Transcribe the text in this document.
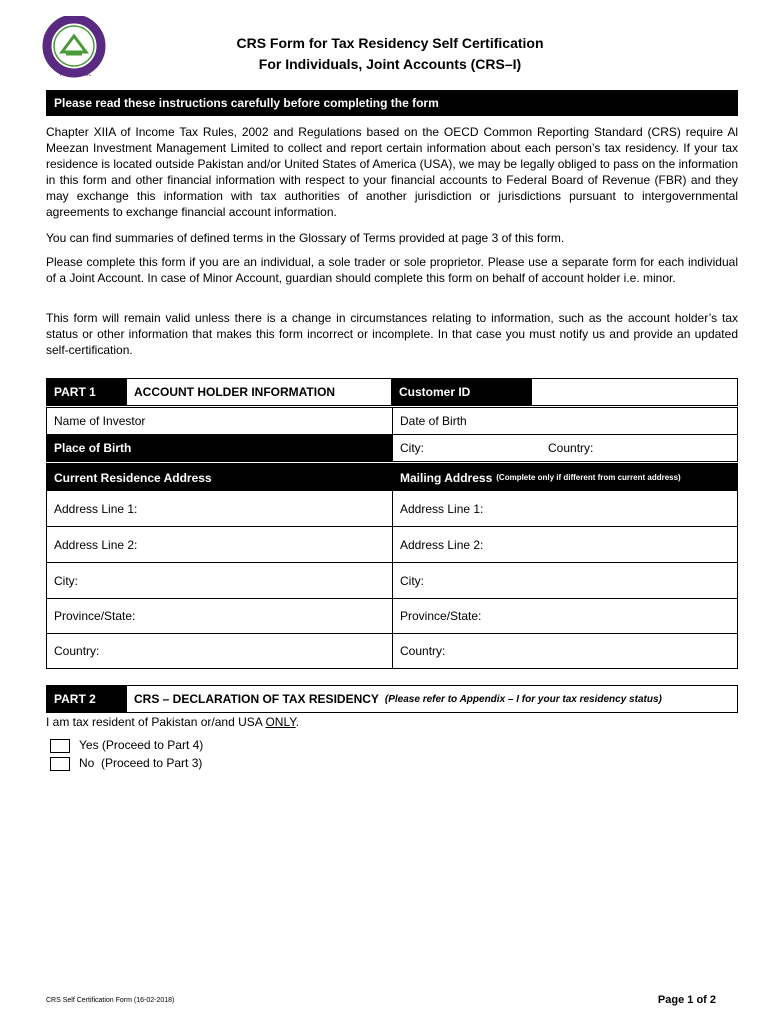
Pure. Profit.
CRS Form for Tax Residency Self Certification
For Individuals, Joint Accounts (CRS–I)
Please read these instructions carefully before completing the form
Chapter XIIA of Income Tax Rules, 2002 and Regulations based on the OECD Common Reporting Standard (CRS) require Al Meezan Investment Management Limited to collect and report certain information about each person’s tax residency. If your tax residence is located outside Pakistan and/or United States of America (USA), we may be legally obliged to pass on the information in this form and other financial information with respect to your financial accounts to Federal Board of Revenue (FBR) and they may exchange this information with tax authorities of another jurisdiction or jurisdictions pursuant to intergovernmental agreements to exchange financial account information.
You can find summaries of defined terms in the Glossary of Terms provided at page 3 of this form.
Please complete this form if you are an individual, a sole trader or sole proprietor. Please use a separate form for each individual of a Joint Account. In case of Minor Account, guardian should complete this form on behalf of account holder i.e. minor.
This form will remain valid unless there is a change in circumstances relating to information, such as the account holder’s tax status or other information that makes this form incorrect or incomplete. In that case you must notify us and provide an updated self-certification.
PART 1	ACCOUNT HOLDER INFORMATION	Customer ID
Name of Investor	Date of Birth
Place of Birth	City:	Country:
Current Residence Address	Mailing Address (Complete only if different from current address)
Address Line 1:	Address Line 1:
Address Line 2:	Address Line 2:
City:	City:
Province/State:	Province/State:
Country:	Country:
PART 2	CRS – DECLARATION OF TAX RESIDENCY (Please refer to Appendix – I for your tax residency status)
I am tax resident of Pakistan or/and USA ONLY.
Yes (Proceed to Part 4)
No  (Proceed to Part 3)
CRS Self Certification Form (16-02-2018)	Page 1 of 2
